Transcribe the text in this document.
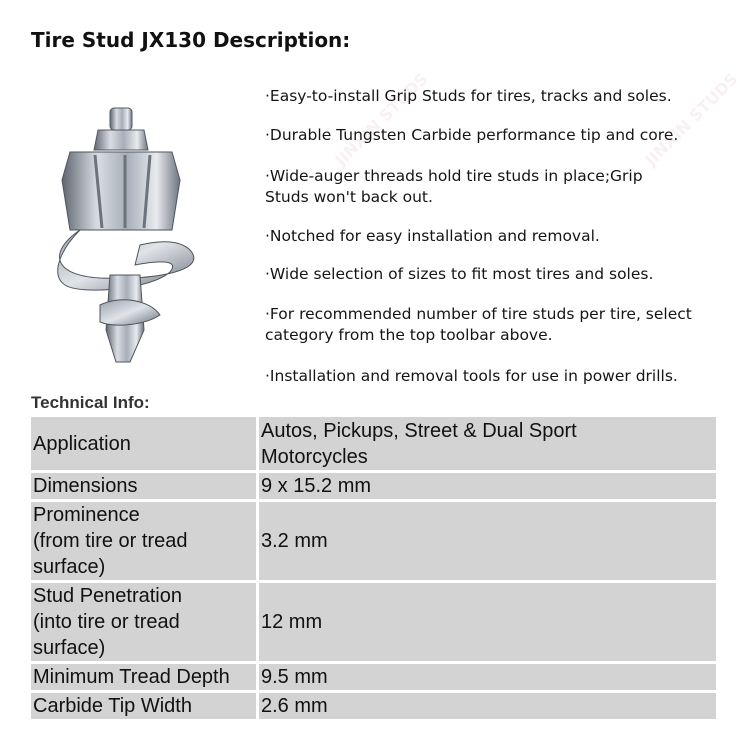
JINXIN STUDS	JINXIN STUDS
Tire Stud JX130 Description:
·Easy-to-install Grip Studs for tires, tracks and soles.
·Durable Tungsten Carbide performance tip and core.
·Wide-auger threads hold tire studs in place;Grip
Studs won't back out.
·Notched for easy installation and removal.
·Wide selection of sizes to fit most tires and soles.
·For recommended number of tire studs per tire, select
category from the top toolbar above.
·Installation and removal tools for use in power drills.
Technical Info:
Application	Autos, Pickups, Street & Dual Sport
Motorcycles

Dimensions	9 x 15.2 mm

Prominence
(from tire or tread
surface)	3.2 mm

Stud Penetration
(into tire or tread
surface)	12 mm

Minimum Tread Depth	9.5 mm

Carbide Tip Width	2.6 mm
